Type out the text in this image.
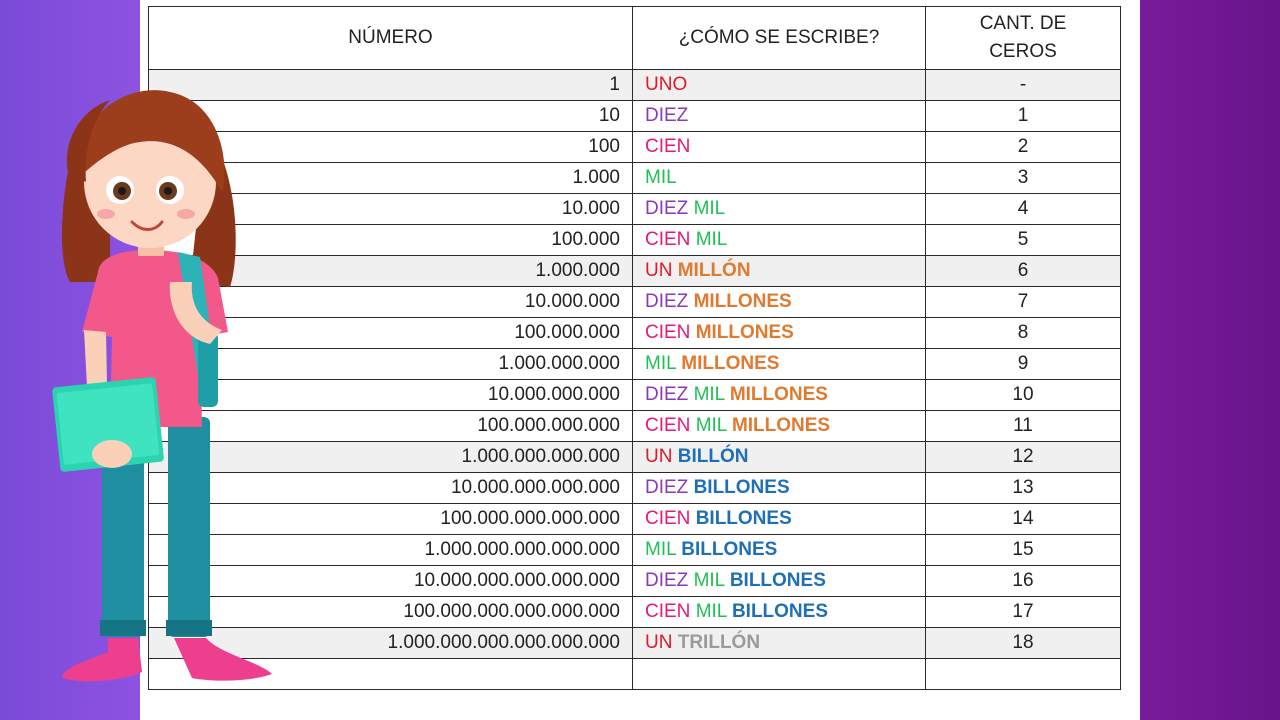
NÚMERO	¿CÓMO SE ESCRIBE?	CANT. DE
CEROS
1	UNO	-
10	DIEZ	1
100	CIEN	2
1.000	MIL	3
10.000	DIEZ MIL	4
100.000	CIEN MIL	5
1.000.000	UN MILLÓN	6
10.000.000	DIEZ MILLONES	7
100.000.000	CIEN MILLONES	8
1.000.000.000	MIL MILLONES	9
10.000.000.000	DIEZ MIL MILLONES	10
100.000.000.000	CIEN MIL MILLONES	11
1.000.000.000.000	UN BILLÓN	12
10.000.000.000.000	DIEZ BILLONES	13
100.000.000.000.000	CIEN BILLONES	14
1.000.000.000.000.000	MIL BILLONES	15
10.000.000.000.000.000	DIEZ MIL BILLONES	16
100.000.000.000.000.000	CIEN MIL BILLONES	17
1.000.000.000.000.000.000	UN TRILLÓN	18
